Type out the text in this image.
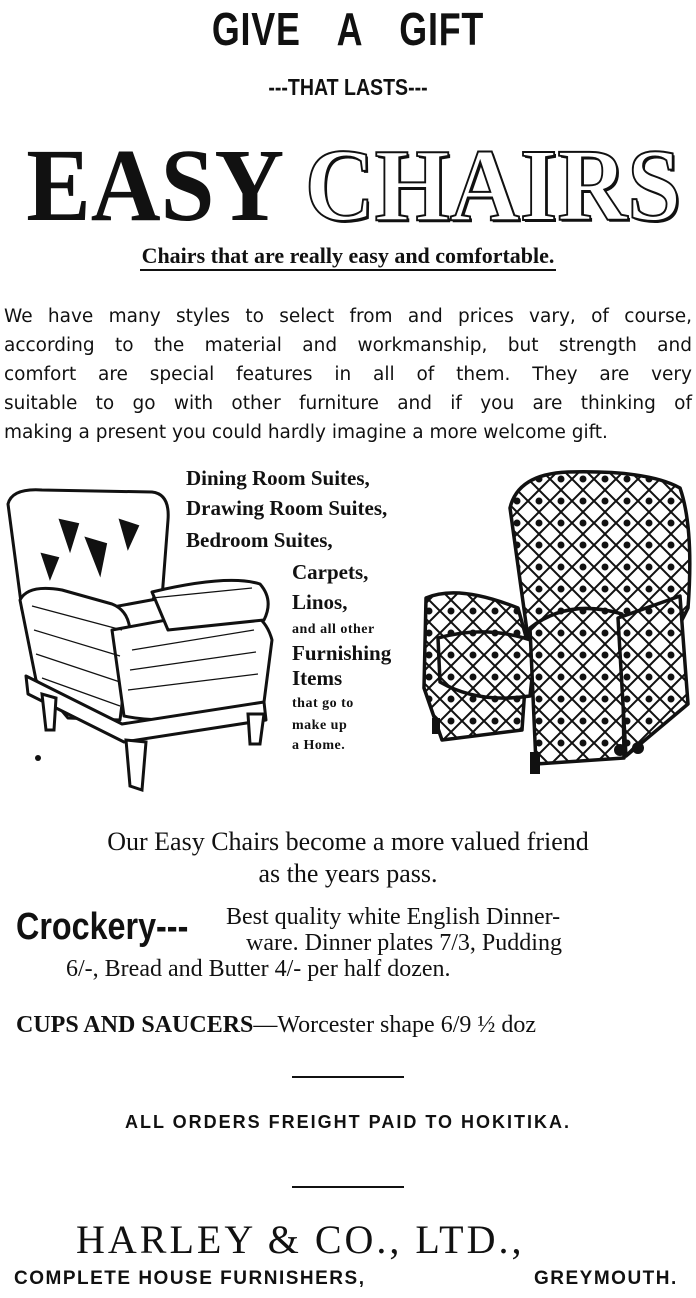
GIVE A GIFT
---THAT LASTS---
EASY CHAIRS
Chairs that are really easy and comfortable.
We have many styles to select from and prices vary, of course,
according to the material and workmanship, but strength and
comfort are special features in all of them. They are very
suitable to go with other furniture and if you are thinking of
making a present you could hardly imagine a more welcome gift.
Dining Room Suites,
Drawing Room Suites,
Bedroom Suites,
Carpets,
Linos,
and all other
Furnishing
Items
that go to
make up
a Home.
Our Easy Chairs become a more valued friend
as the years pass.
Crockery--- Best quality white English Dinner-
ware. Dinner plates 7/3, Pudding
6/-, Bread and Butter 4/- per half dozen.
CUPS AND SAUCERS—Worcester shape 6/9 ½ doz
ALL ORDERS FREIGHT PAID TO HOKITIKA.
HARLEY & CO., LTD.,
COMPLETE HOUSE FURNISHERS,	GREYMOUTH.
